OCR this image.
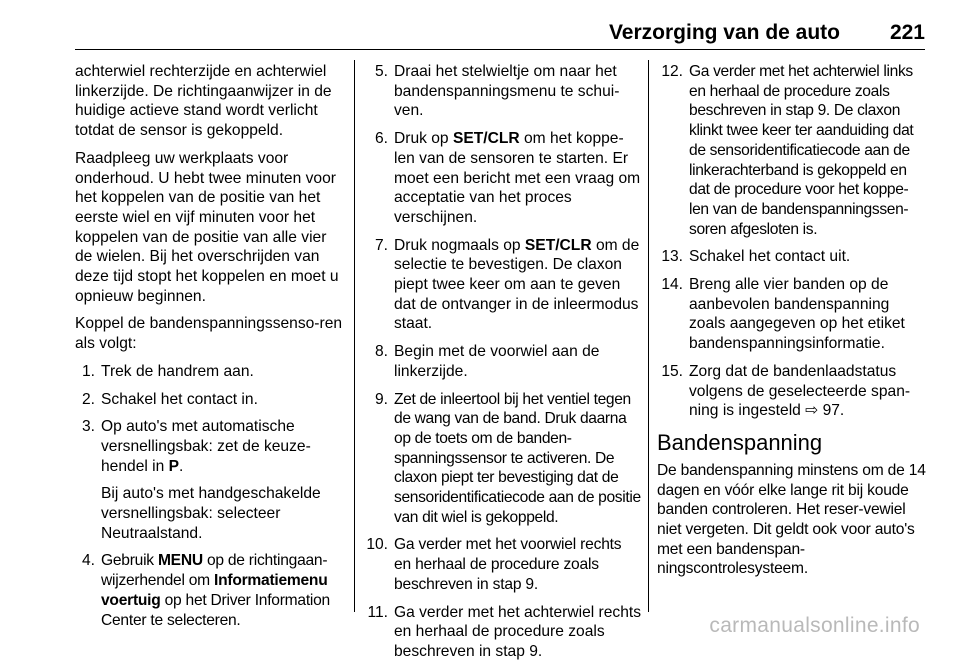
Verzorging van de auto 221

achterwiel rechterzijde en achterwiel linkerzijde. De richtingaanwijzer in de huidige actieve stand wordt verlicht totdat de sensor is gekoppeld.

Raadpleeg uw werkplaats voor onderhoud. U hebt twee minuten voor het koppelen van de positie van het eerste wiel en vijf minuten voor het koppelen van de positie van alle vier de wielen. Bij het overschrijden van deze tijd stopt het koppelen en moet u opnieuw beginnen.

Koppel de bandenspanningssenso-ren als volgt:

1. Trek de handrem aan.
2. Schakel het contact in.
3. Op auto's met automatische versnellingsbak: zet de keuze-hendel in P.

Bij auto's met handgeschakelde versnellingsbak: selecteer Neutraalstand.

4. Gebruik MENU op de richtingaan-wijzerhendel om Informatiemenu voertuig op het Driver Information Center te selecteren.

5. Draai het stelwieltje om naar het bandenspanningsmenu te schui-ven.
6. Druk op SET/CLR om het koppe-len van de sensoren te starten. Er moet een bericht met een vraag om acceptatie van het proces verschijnen.
7. Druk nogmaals op SET/CLR om de selectie te bevestigen. De claxon piept twee keer om aan te geven dat de ontvanger in de inleermodus staat.
8. Begin met de voorwiel aan de linkerzijde.
9. Zet de inleertool bij het ventiel tegen de wang van de band. Druk daarna op de toets om de banden-spanningssensor te activeren. De claxon piept ter bevestiging dat de sensoridentificatiecode aan de positie van dit wiel is gekoppeld.
10. Ga verder met het voorwiel rechts en herhaal de procedure zoals beschreven in stap 9.
11. Ga verder met het achterwiel rechts en herhaal de procedure zoals beschreven in stap 9.
12. Ga verder met het achterwiel links en herhaal de procedure zoals beschreven in stap 9. De claxon klinkt twee keer ter aanduiding dat de sensoridentificatiecode aan de linkerachterband is gekoppeld en dat de procedure voor het koppe-len van de bandenspanningssen-soren afgesloten is.
13. Schakel het contact uit.
14. Breng alle vier banden op de aanbevolen bandenspanning zoals aangegeven op het etiket bandenspanningsinformatie.
15. Zorg dat de bandenlaadstatus volgens de geselecteerde span-ning is ingesteld ⇨ 97.
Bandenspanning

De bandenspanning minstens om de 14 dagen en vóór elke lange rit bij koude banden controleren. Het reser-vewiel niet vergeten. Dit geldt ook voor auto's met een bandenspan-ningscontrolesysteem.

carmanualsonline.info
